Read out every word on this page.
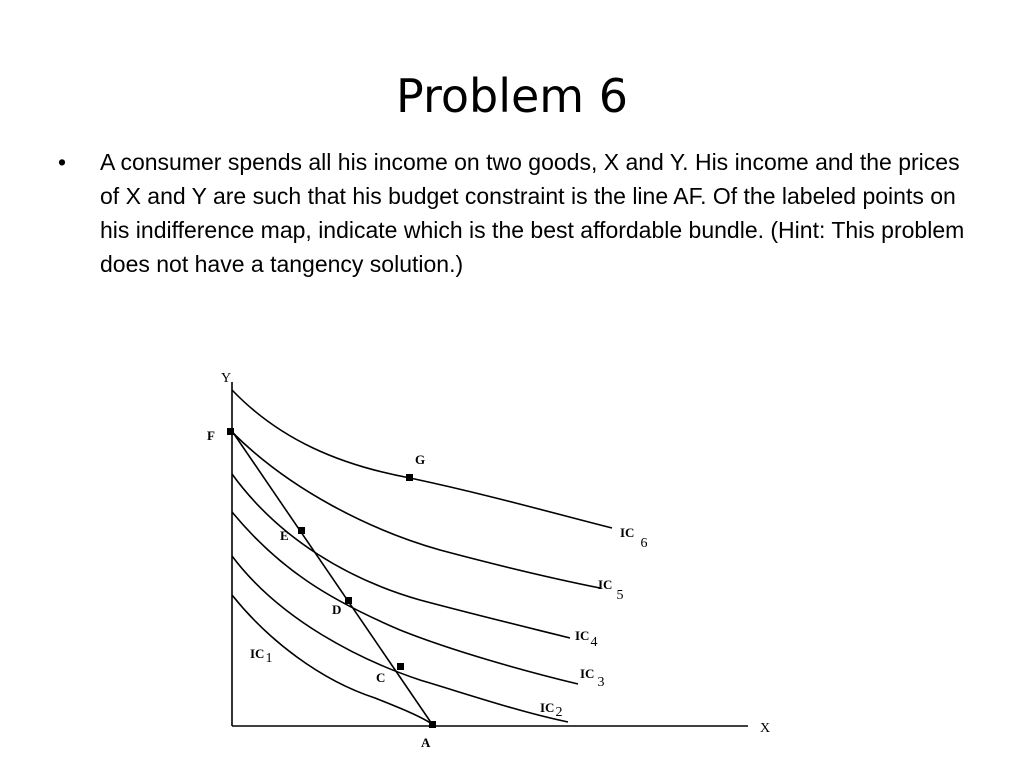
Problem 6
• A consumer spends all his income on two goods, X and Y. His income and the prices of X and Y are such that his budget constraint is the line AF. Of the labeled points on his indifference map, indicate which is the best affordable bundle. (Hint: This problem does not have a tangency solution.)
Y
X
F
E
D
C
A
G
IC1
IC2
IC3
IC4
IC5
IC6
